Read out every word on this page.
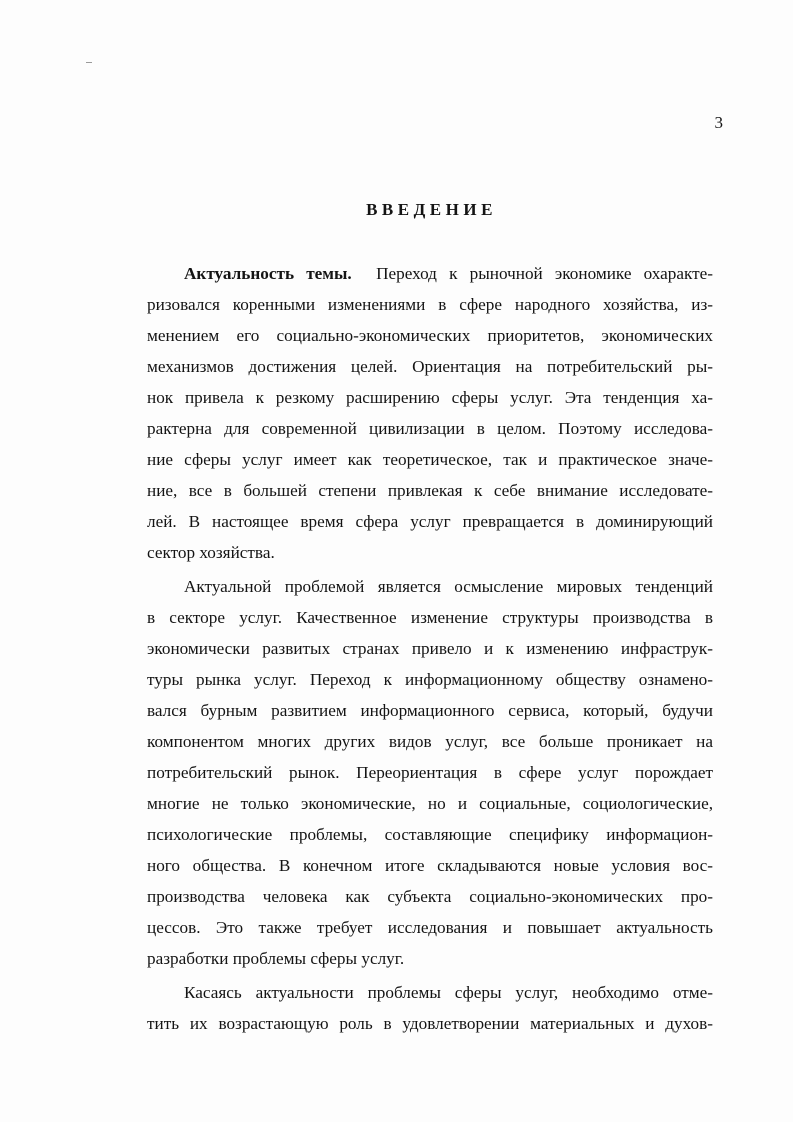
3
ВВЕДЕНИЕ
Актуальность темы. Переход к рыночной экономике охаракте-
ризовался коренными изменениями в сфере народного хозяйства, из-
менением его социально-экономических приоритетов, экономических
механизмов достижения целей. Ориентация на потребительский ры-
нок привела к резкому расширению сферы услуг. Эта тенденция ха-
рактерна для современной цивилизации в целом. Поэтому исследова-
ние сферы услуг имеет как теоретическое, так и практическое значе-
ние, все в большей степени привлекая к себе внимание исследовате-
лей. В настоящее время сфера услуг превращается в доминирующий
сектор хозяйства.
Актуальной проблемой является осмысление мировых тенденций
в секторе услуг. Качественное изменение структуры производства в
экономически развитых странах привело и к изменению инфраструк-
туры рынка услуг. Переход к информационному обществу ознамено-
вался бурным развитием информационного сервиса, который, будучи
компонентом многих других видов услуг, все больше проникает на
потребительский рынок. Переориентация в сфере услуг порождает
многие не только экономические, но и социальные, социологические,
психологические проблемы, составляющие специфику информацион-
ного общества. В конечном итоге складываются новые условия вос-
производства человека как субъекта социально-экономических про-
цессов. Это также требует исследования и повышает актуальность
разработки проблемы сферы услуг.
Касаясь актуальности проблемы сферы услуг, необходимо отме-
тить их возрастающую роль в удовлетворении материальных и духов-
